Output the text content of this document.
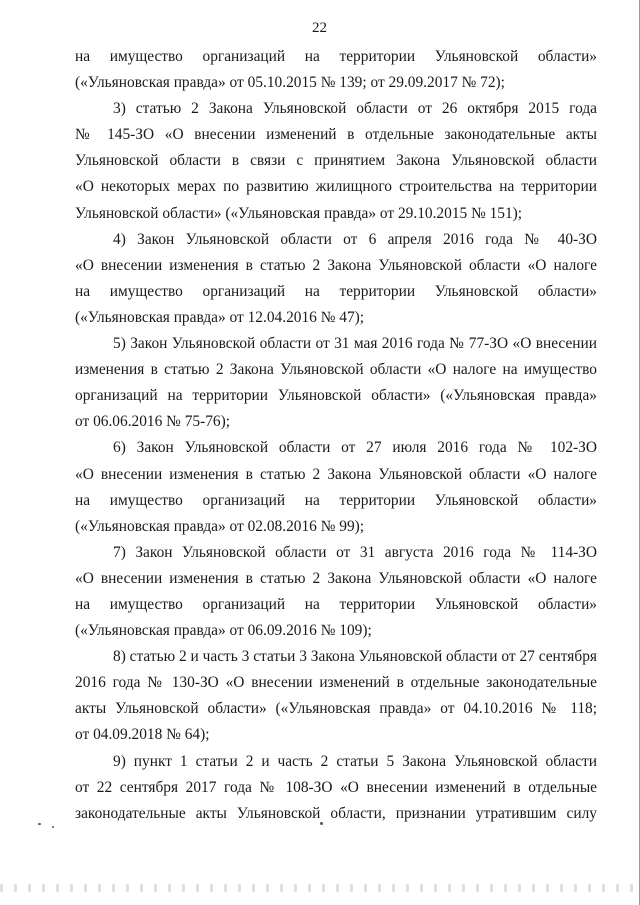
22

на имущество организаций на территории Ульяновской области»
(«Ульяновская правда» от 05.10.2015 № 139; от 29.09.2017 № 72);

3) статью 2 Закона Ульяновской области от 26 октября 2015 года
№ 145-ЗО «О внесении изменений в отдельные законодательные акты
Ульяновской области в связи с принятием Закона Ульяновской области
«О некоторых мерах по развитию жилищного строительства на территории
Ульяновской области» («Ульяновская правда» от 29.10.2015 № 151);

4) Закон Ульяновской области от 6 апреля 2016 года № 40-ЗО
«О внесении изменения в статью 2 Закона Ульяновской области «О налоге
на имущество организаций на территории Ульяновской области»
(«Ульяновская правда» от 12.04.2016 № 47);

5) Закон Ульяновской области от 31 мая 2016 года № 77-ЗО «О внесении
изменения в статью 2 Закона Ульяновской области «О налоге на имущество
организаций на территории Ульяновской области» («Ульяновская правда»
от 06.06.2016 № 75-76);

6) Закон Ульяновской области от 27 июля 2016 года № 102-ЗО
«О внесении изменения в статью 2 Закона Ульяновской области «О налоге
на имущество организаций на территории Ульяновской области»
(«Ульяновская правда» от 02.08.2016 № 99);

7) Закон Ульяновской области от 31 августа 2016 года № 114-ЗО
«О внесении изменения в статью 2 Закона Ульяновской области «О налоге
на имущество организаций на территории Ульяновской области»
(«Ульяновская правда» от 06.09.2016 № 109);

8) статью 2 и часть 3 статьи 3 Закона Ульяновской области от 27 сентября
2016 года № 130-ЗО «О внесении изменений в отдельные законодательные
акты Ульяновской области» («Ульяновская правда» от 04.10.2016 № 118;
от 04.09.2018 № 64);

9) пункт 1 статьи 2 и часть 2 статьи 5 Закона Ульяновской области
от 22 сентября 2017 года № 108-ЗО «О внесении изменений в отдельные
законодательные акты Ульяновской области, признании утратившим силу
